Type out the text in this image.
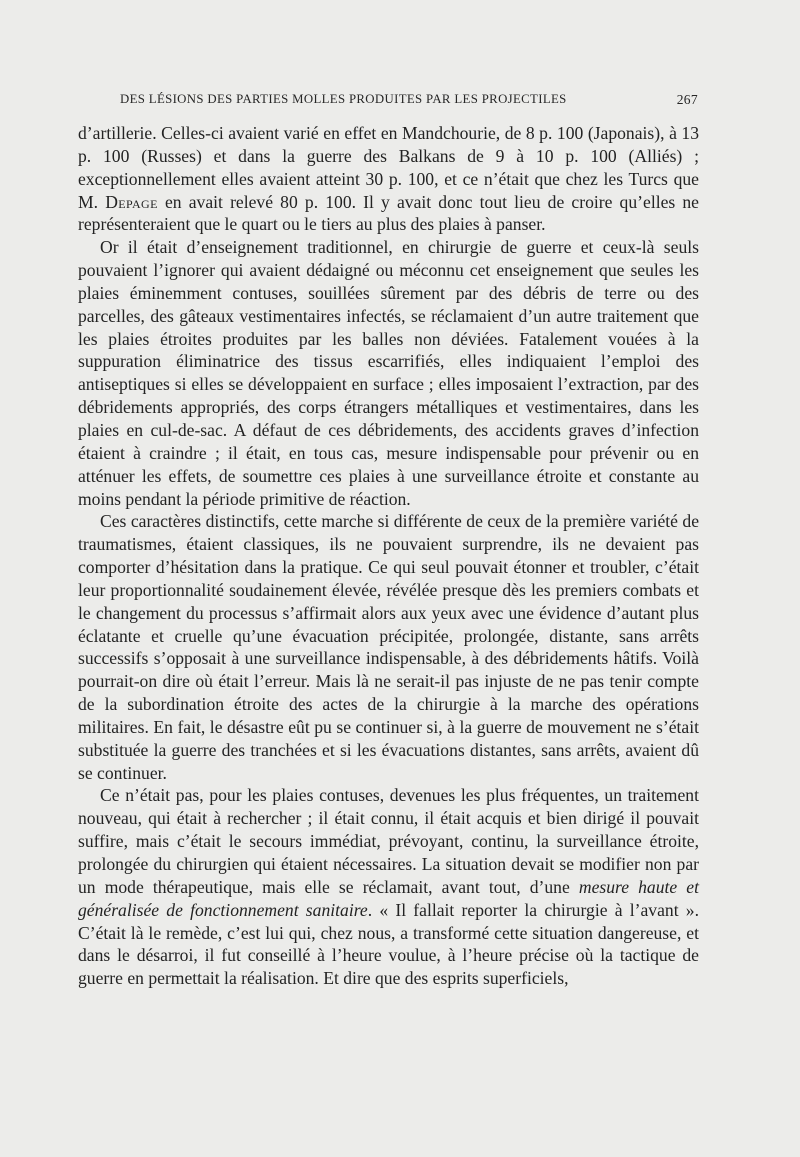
DES LÉSIONS DES PARTIES MOLLES PRODUITES PAR LES PROJECTILES	267

d’artillerie. Celles-ci avaient varié en effet en Mandchourie, de 8 p. 100 (Japonais), à 13 p. 100 (Russes) et dans la guerre des Balkans de 9 à 10 p. 100 (Alliés) ; exceptionnellement elles avaient atteint 30 p. 100, et ce n’était que chez les Turcs que M. Depage en avait relevé 80 p. 100. Il y avait donc tout lieu de croire qu’elles ne représenteraient que le quart ou le tiers au plus des plaies à panser.

Or il était d’enseignement traditionnel, en chirurgie de guerre et ceux-là seuls pouvaient l’ignorer qui avaient dédaigné ou méconnu cet enseignement que seules les plaies éminemment contuses, souillées sûrement par des débris de terre ou des parcelles, des gâteaux vestimentaires infectés, se réclamaient d’un autre traitement que les plaies étroites produites par les balles non déviées. Fatalement vouées à la suppuration éliminatrice des tissus escarrifiés, elles indiquaient l’emploi des antiseptiques si elles se développaient en surface ; elles imposaient l’extraction, par des débridements appropriés, des corps étrangers métalliques et vestimentaires, dans les plaies en cul-de-sac. A défaut de ces débridements, des accidents graves d’infection étaient à craindre ; il était, en tous cas, mesure indispensable pour prévenir ou en atténuer les effets, de soumettre ces plaies à une surveillance étroite et constante au moins pendant la période primitive de réaction.

Ces caractères distinctifs, cette marche si différente de ceux de la première variété de traumatismes, étaient classiques, ils ne pouvaient surprendre, ils ne devaient pas comporter d’hésitation dans la pratique. Ce qui seul pouvait étonner et troubler, c’était leur proportionnalité soudainement élevée, révélée presque dès les premiers combats et le changement du processus s’affirmait alors aux yeux avec une évidence d’autant plus éclatante et cruelle qu’une évacuation précipitée, prolongée, distante, sans arrêts successifs s’opposait à une surveillance indispensable, à des débridements hâtifs. Voilà pourrait-on dire où était l’erreur. Mais là ne serait-il pas injuste de ne pas tenir compte de la subordination étroite des actes de la chirurgie à la marche des opérations militaires. En fait, le désastre eût pu se continuer si, à la guerre de mouvement ne s’était substituée la guerre des tranchées et si les évacuations distantes, sans arrêts, avaient dû se continuer.

Ce n’était pas, pour les plaies contuses, devenues les plus fréquentes, un traitement nouveau, qui était à rechercher ; il était connu, il était acquis et bien dirigé il pouvait suffire, mais c’était le secours immédiat, prévoyant, continu, la surveillance étroite, prolongée du chirurgien qui étaient nécessaires. La situation devait se modifier non par un mode thérapeutique, mais elle se réclamait, avant tout, d’une mesure haute et généralisée de fonctionnement sanitaire. « Il fallait reporter la chirurgie à l’avant ». C’était là le remède, c’est lui qui, chez nous, a transformé cette situation dangereuse, et dans le désarroi, il fut conseillé à l’heure voulue, à l’heure précise où la tactique de guerre en permettait la réalisation. Et dire que des esprits superficiels,
